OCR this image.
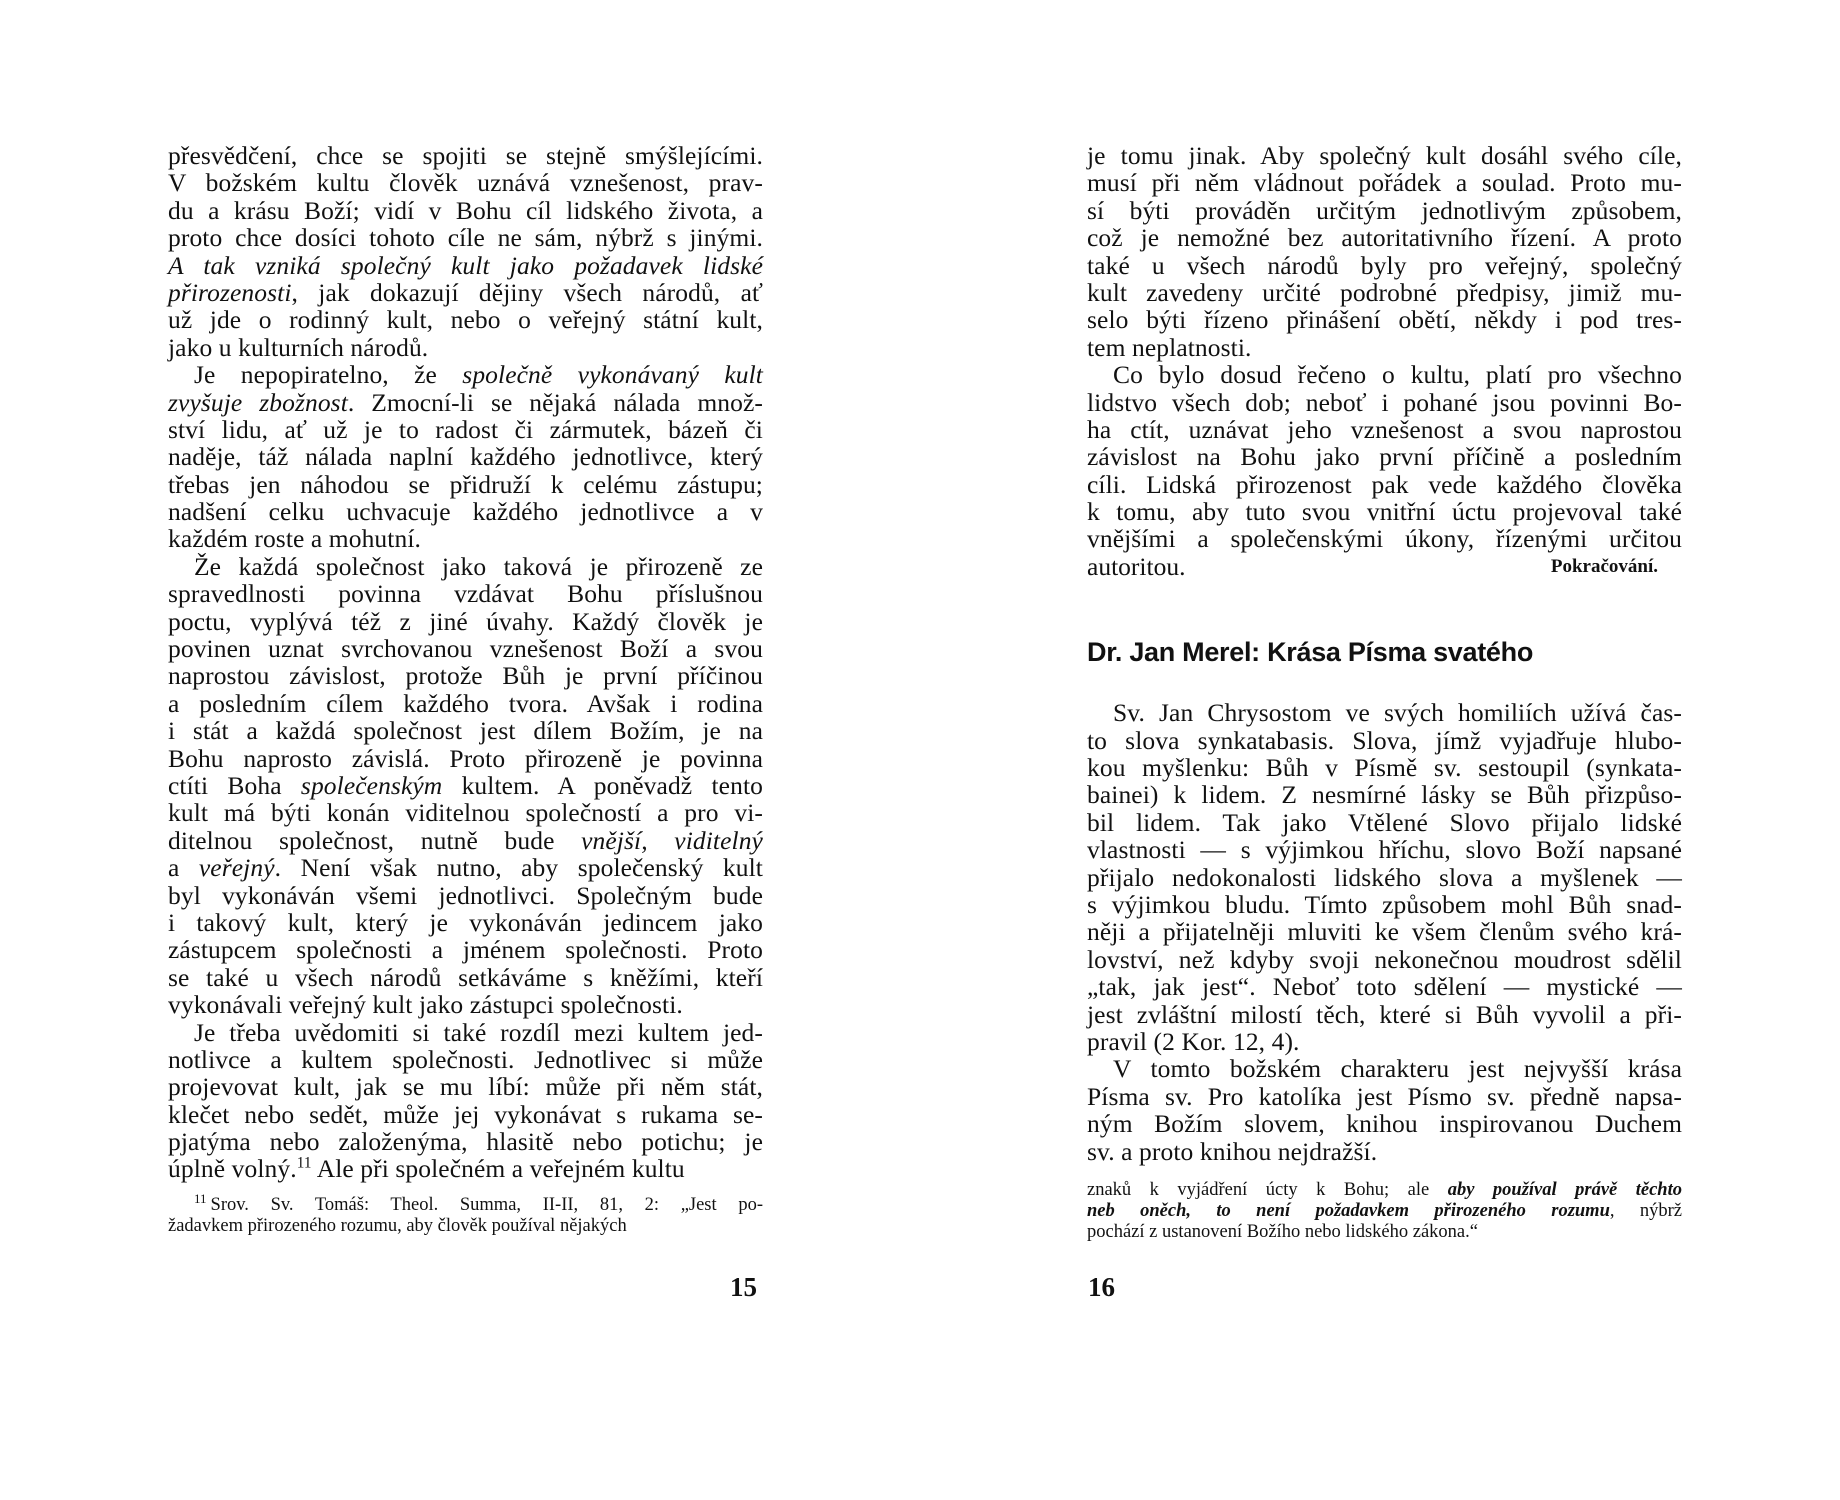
přesvědčení, chce se spojiti se stejně smýšlejícími.
V božském kultu člověk uznává vznešenost, prav-
du a krásu Boží; vidí v Bohu cíl lidského života, a
proto chce dosíci tohoto cíle ne sám, nýbrž s jinými.
A tak vzniká společný kult jako požadavek lidské
přirozenosti, jak dokazují dějiny všech národů, ať
už jde o rodinný kult, nebo o veřejný státní kult,
jako u kulturních národů.
Je nepopiratelno, že společně vykonávaný kult
zvyšuje zbožnost. Zmocní-li se nějaká nálada množ-
ství lidu, ať už je to radost či zármutek, bázeň či
naděje, táž nálada naplní každého jednotlivce, který
třebas jen náhodou se přidruží k celému zástupu;
nadšení celku uchvacuje každého jednotlivce a v
každém roste a mohutní.
Že každá společnost jako taková je přirozeně ze
spravedlnosti povinna vzdávat Bohu příslušnou
poctu, vyplývá též z jiné úvahy. Každý člověk je
povinen uznat svrchovanou vznešenost Boží a svou
naprostou závislost, protože Bůh je první příčinou
a posledním cílem každého tvora. Avšak i rodina
i stát a každá společnost jest dílem Božím, je na
Bohu naprosto závislá. Proto přirozeně je povinna
ctíti Boha společenským kultem. A poněvadž tento
kult má býti konán viditelnou společností a pro vi-
ditelnou společnost, nutně bude vnější, viditelný
a veřejný. Není však nutno, aby společenský kult
byl vykonáván všemi jednotlivci. Společným bude
i takový kult, který je vykonáván jedincem jako
zástupcem společnosti a jménem společnosti. Proto
se také u všech národů setkáváme s kněžími, kteří
vykonávali veřejný kult jako zástupci společnosti.
Je třeba uvědomiti si také rozdíl mezi kultem jed-
notlivce a kultem společnosti. Jednotlivec si může
projevovat kult, jak se mu líbí: může při něm stát,
klečet nebo sedět, může jej vykonávat s rukama se-
pjatýma nebo založenýma, hlasitě nebo potichu; je
úplně volný.$^{11}$ Ale při společném a veřejném kultu
$^{11}$ Srov. Sv. Tomáš: Theol. Summa, II-II, 81, 2: „Jest po-
žadavkem přirozeného rozumu, aby člověk používal nějakých
15
je tomu jinak. Aby společný kult dosáhl svého cíle,
musí při něm vládnout pořádek a soulad. Proto mu-
sí býti prováděn určitým jednotlivým způsobem,
což je nemožné bez autoritativního řízení. A proto
také u všech národů byly pro veřejný, společný
kult zavedeny určité podrobné předpisy, jimiž mu-
selo býti řízeno přinášení obětí, někdy i pod tres-
tem neplatnosti.
Co bylo dosud řečeno o kultu, platí pro všechno
lidstvo všech dob; neboť i pohané jsou povinni Bo-
ha ctít, uznávat jeho vznešenost a svou naprostou
závislost na Bohu jako první příčině a posledním
cíli. Lidská přirozenost pak vede každého člověka
k tomu, aby tuto svou vnitřní úctu projevoval také
vnějšími a společenskými úkony, řízenými určitou
autoritou.	Pokračování.
Dr. Jan Merel: Krása Písma svatého
Sv. Jan Chrysostom ve svých homiliích užívá čas-
to slova synkatabasis. Slova, jímž vyjadřuje hlubo-
kou myšlenku: Bůh v Písmě sv. sestoupil (synkata-
bainei) k lidem. Z nesmírné lásky se Bůh přizpůso-
bil lidem. Tak jako Vtělené Slovo přijalo lidské
vlastnosti — s výjimkou hříchu, slovo Boží napsané
přijalo nedokonalosti lidského slova a myšlenek —
s výjimkou bludu. Tímto způsobem mohl Bůh snad-
něji a přijatelněji mluviti ke všem členům svého krá-
lovství, než kdyby svoji nekonečnou moudrost sdělil
„tak, jak jest“. Neboť toto sdělení — mystické —
jest zvláštní milostí těch, které si Bůh vyvolil a při-
pravil (2 Kor. 12, 4).
V tomto božském charakteru jest nejvyšší krása
Písma sv. Pro katolíka jest Písmo sv. předně napsa-
ným Božím slovem, knihou inspirovanou Duchem
sv. a proto knihou nejdražší.
znaků k vyjádření úcty k Bohu; ale aby používal právě těchto
neb oněch, to není požadavkem přirozeného rozumu, nýbrž
pochází z ustanovení Božího nebo lidského zákona.“
16
